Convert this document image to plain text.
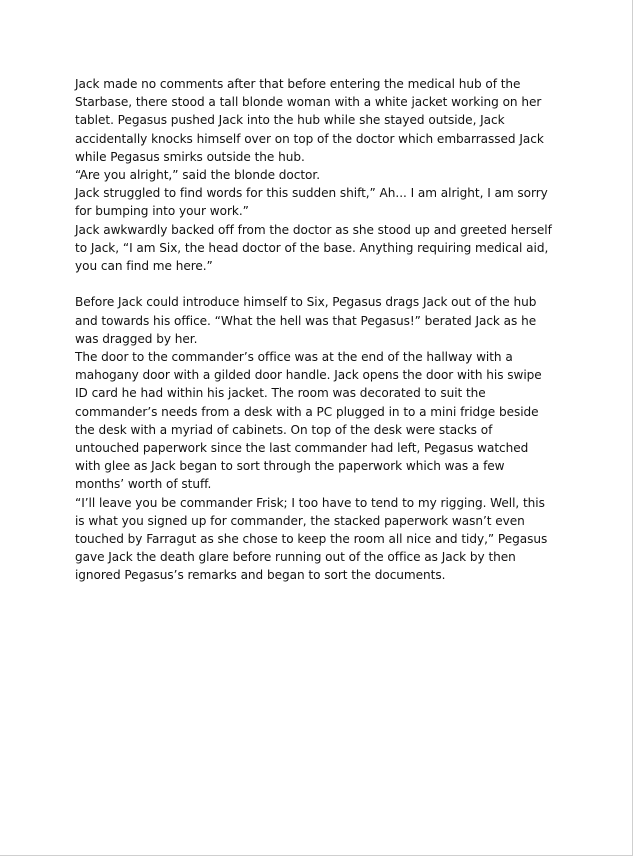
Jack made no comments after that before entering the medical hub of the

Starbase, there stood a tall blonde woman with a white jacket working on her

tablet. Pegasus pushed Jack into the hub while she stayed outside, Jack

accidentally knocks himself over on top of the doctor which embarrassed Jack

while Pegasus smirks outside the hub.

“Are you alright,” said the blonde doctor.

Jack struggled to find words for this sudden shift,” Ah... I am alright, I am sorry

for bumping into your work.”

Jack awkwardly backed off from the doctor as she stood up and greeted herself

to Jack, “I am Six, the head doctor of the base. Anything requiring medical aid,

you can find me here.”

Before Jack could introduce himself to Six, Pegasus drags Jack out of the hub

and towards his office. “What the hell was that Pegasus!” berated Jack as he

was dragged by her.

The door to the commander’s office was at the end of the hallway with a

mahogany door with a gilded door handle. Jack opens the door with his swipe

ID card he had within his jacket. The room was decorated to suit the

commander’s needs from a desk with a PC plugged in to a mini fridge beside

the desk with a myriad of cabinets. On top of the desk were stacks of

untouched paperwork since the last commander had left, Pegasus watched

with glee as Jack began to sort through the paperwork which was a few

months’ worth of stuff.

“I’ll leave you be commander Frisk; I too have to tend to my rigging. Well, this

is what you signed up for commander, the stacked paperwork wasn’t even

touched by Farragut as she chose to keep the room all nice and tidy,” Pegasus

gave Jack the death glare before running out of the office as Jack by then

ignored Pegasus’s remarks and began to sort the documents.
